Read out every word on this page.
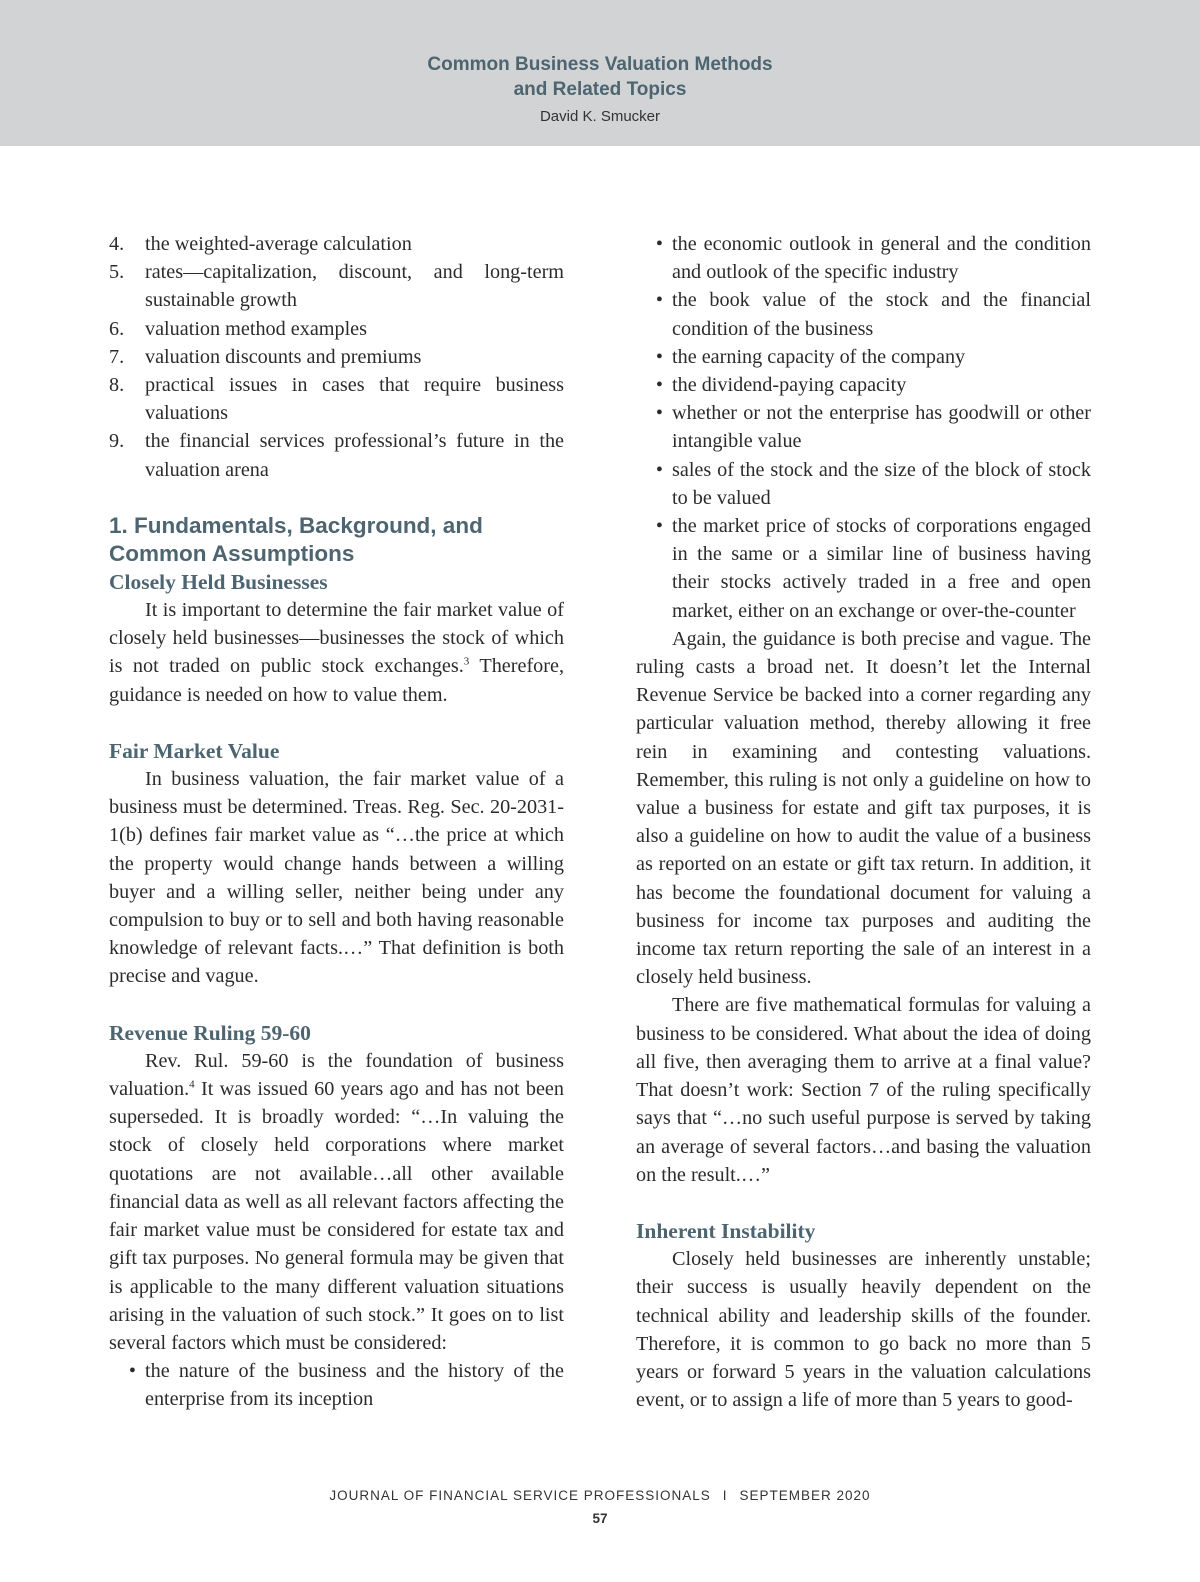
Common Business Valuation Methods
and Related Topics
David K. Smucker
4.	the weighted-average calculation
5.	rates—capitalization, discount, and long-term sustainable growth
6.	valuation method examples
7.	valuation discounts and premiums
8.	practical issues in cases that require business valuations
9.	the financial services professional’s future in the valuation arena
1. Fundamentals, Background, and Common Assumptions
Closely Held Businesses

It is important to determine the fair market value of closely held businesses—businesses the stock of which is not traded on public stock exchanges.$^3$ Therefore, guidance is needed on how to value them.

Fair Market Value

In business valuation, the fair market value of a business must be determined. Treas. Reg. Sec. 20-2031-1(b) defines fair market value as “…the price at which the property would change hands between a willing buyer and a willing seller, neither being under any compulsion to buy or to sell and both having reasonable knowledge of relevant facts.…” That definition is both precise and vague.

Revenue Ruling 59-60

Rev. Rul. 59-60 is the foundation of business valuation.$^4$ It was issued 60 years ago and has not been superseded. It is broadly worded: “…In valuing the stock of closely held corporations where market quotations are not available…all other available financial data as well as all relevant factors affecting the fair market value must be considered for estate tax and gift tax purposes. No general formula may be given that is applicable to the many different valuation situations arising in the valuation of such stock.” It goes on to list several factors which must be considered:

• the nature of the business and the history of the enterprise from its inception
• the economic outlook in general and the condition and outlook of the specific industry
• the book value of the stock and the financial condition of the business
• the earning capacity of the company
• the dividend-paying capacity
• whether or not the enterprise has goodwill or other intangible value
• sales of the stock and the size of the block of stock to be valued
• the market price of stocks of corporations engaged in the same or a similar line of business having their stocks actively traded in a free and open market, either on an exchange or over-the-counter

Again, the guidance is both precise and vague. The ruling casts a broad net. It doesn’t let the Internal Revenue Service be backed into a corner regarding any particular valuation method, thereby allowing it free rein in examining and contesting valuations. Remember, this ruling is not only a guideline on how to value a business for estate and gift tax purposes, it is also a guideline on how to audit the value of a business as reported on an estate or gift tax return. In addition, it has become the foundational document for valuing a business for income tax purposes and auditing the income tax return reporting the sale of an interest in a closely held business.

There are five mathematical formulas for valuing a business to be considered. What about the idea of doing all five, then averaging them to arrive at a final value? That doesn’t work: Section 7 of the ruling specifically says that “…no such useful purpose is served by taking an average of several factors…and basing the valuation on the result.…”

Inherent Instability

Closely held businesses are inherently unstable; their success is usually heavily dependent on the technical ability and leadership skills of the founder. Therefore, it is common to go back no more than 5 years or forward 5 years in the valuation calculations event, or to assign a life of more than 5 years to good-

JOURNAL OF FINANCIAL SERVICE PROFESSIONALS I SEPTEMBER 2020
57
